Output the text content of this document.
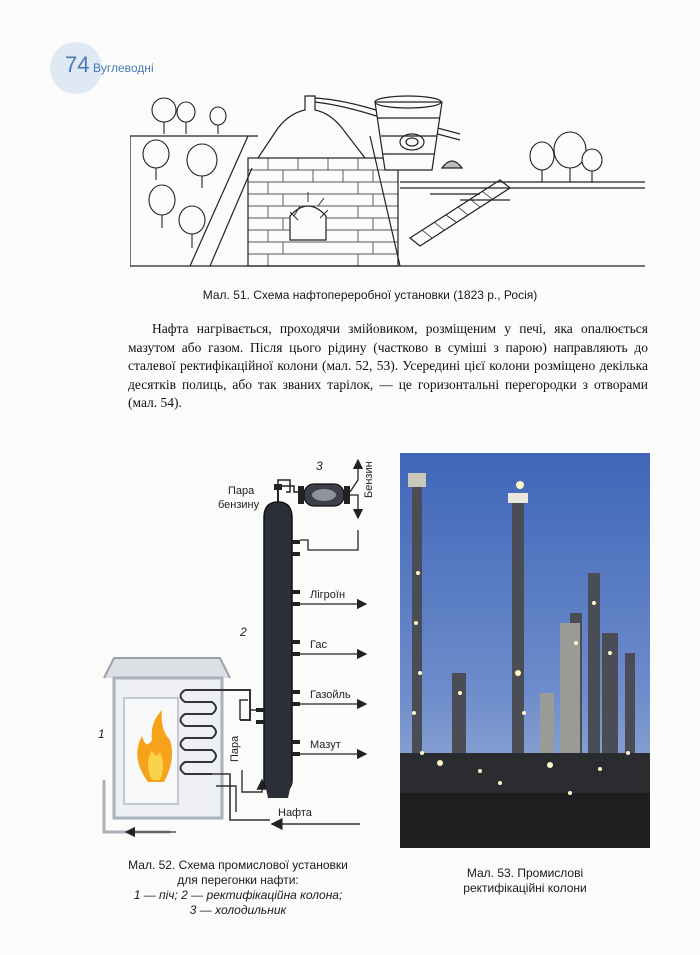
74 Вуглеводні
Мал. 51. Схема нафтопереробної установки (1823 р., Росія)

Нафта нагрівається, проходячи змійовиком, розміщеним у печі, яка опалюється мазутом або газом. Після цього рідину (частково в суміші з парою) направляють до сталевої ректифікаційної колони (мал. 52, 53). Усередині цієї колони розміщено декілька десятків полиць, або так званих тарілок, — це горизонтальні перегородки з отворами (мал. 54).

1
2
3
Пара
бензину
Бензин
Лігроїн
Гас
Газойль
Мазут
Пара
Нафта
Мал. 52. Схема промислової установки
для перегонки нафти:
1 — піч; 2 — ректифікаційна колона;
3 — холодильник
Мал. 53. Промислові
ректифікаційні колони
